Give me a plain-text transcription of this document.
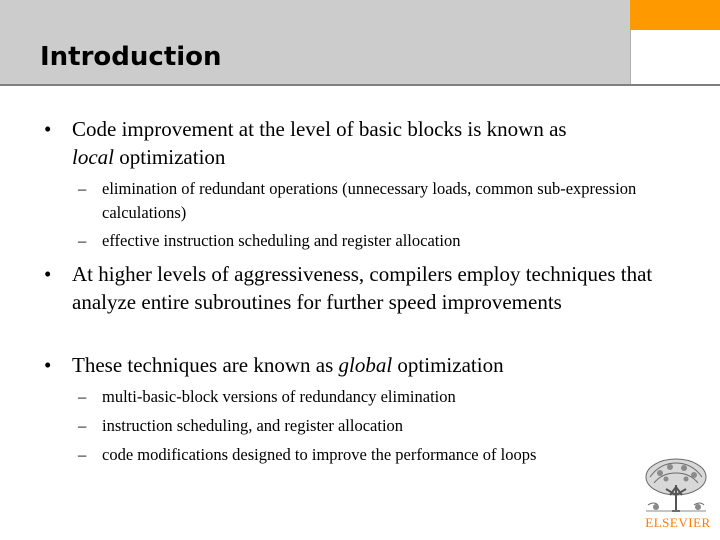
Introduction
• Code improvement at the level of basic blocks is known as
local optimization
– elimination of redundant operations (unnecessary loads, common sub-expression calculations)
– effective instruction scheduling and register allocation
• At higher levels of aggressiveness, compilers employ techniques that analyze entire subroutines for further speed improvements
• These techniques are known as global optimization
– multi-basic-block versions of redundancy elimination
– instruction scheduling, and register allocation
– code modifications designed to improve the performance of loops
ELSEVIER
